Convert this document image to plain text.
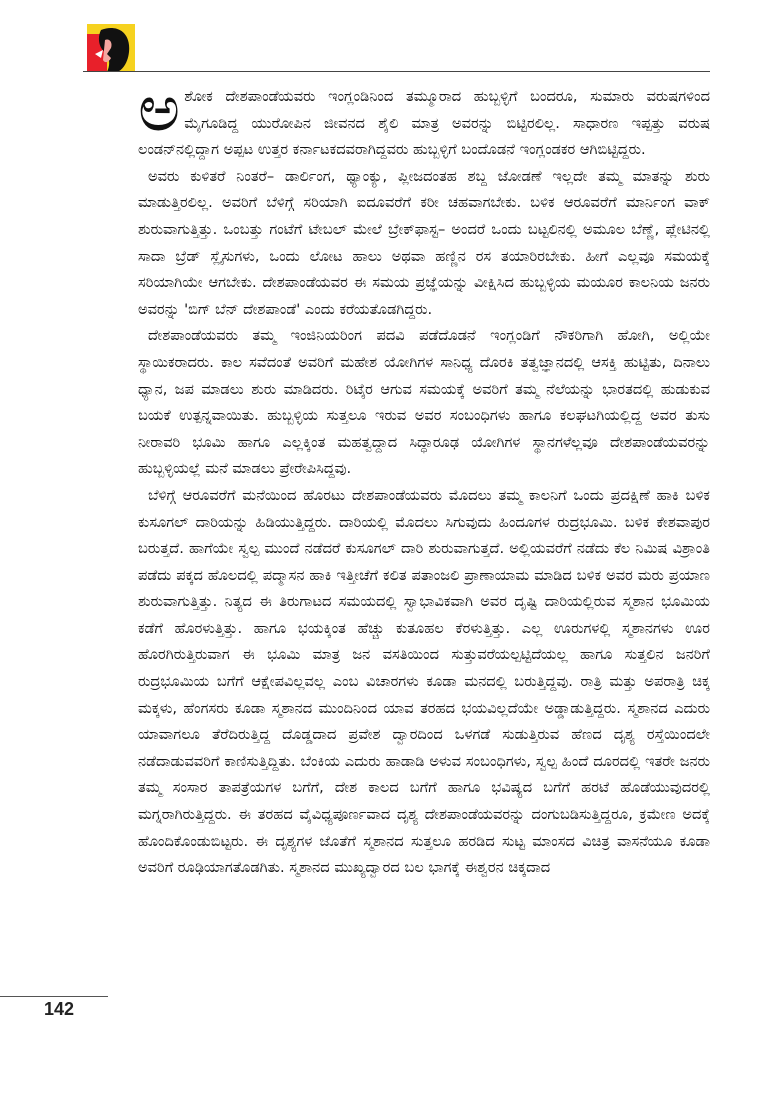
ಅಶೋಕ ದೇಶಪಾಂಡೆಯವರು ಇಂಗ್ಲಂಡಿನಿಂದ ತಮ್ಮೂರಾದ ಹುಬ್ಬಳ್ಳಿಗೆ ಬಂದರೂ, ಸುಮಾರು ವರುಷಗಳಿಂದ ಮೈಗೂಡಿದ್ದ ಯುರೋಪಿನ ಜೀವನದ ಶೈಲಿ ಮಾತ್ರ ಅವರನ್ನು ಬಿಟ್ಟಿರಲಿಲ್ಲ. ಸಾಧಾರಣ ಇಪ್ಪತ್ತು ವರುಷ ಲಂಡನ್‌ನಲ್ಲಿದ್ದಾಗ ಅಪ್ಪಟ ಉತ್ತರ ಕರ್ನಾಟಕದವರಾಗಿದ್ದವರು ಹುಬ್ಬಳ್ಳಿಗೆ ಬಂದೊಡನೆ ಇಂಗ್ಲಂಡಕರ ಆಗಿಬಿಟ್ಟಿದ್ದರು.

ಅವರು ಕುಳಿತರೆ ನಿಂತರೆ– ಡಾರ್ಲಿಂಗ, ಥ್ಯಾಂಕ್ಯು, ಪ್ಲೀಜದಂತಹ ಶಬ್ದ ಜೋಡಣೆ ಇಲ್ಲದೇ ತಮ್ಮ ಮಾತನ್ನು ಶುರು ಮಾಡುತ್ತಿರಲಿಲ್ಲ. ಅವರಿಗೆ ಬೆಳಿಗ್ಗೆ ಸರಿಯಾಗಿ ಐದೂವರೆಗೆ ಕರೀ ಚಹವಾಗಬೇಕು. ಬಳಿಕ ಆರೂವರೆಗೆ ಮಾರ್ನಿಂಗ ವಾಕ್ ಶುರುವಾಗುತ್ತಿತ್ತು. ಒಂಬತ್ತು ಗಂಟೆಗೆ ಟೇಬಲ್ ಮೇಲೆ ಬ್ರೇಕ್‌ಫಾಸ್ಟ– ಅಂದರೆ ಒಂದು ಬಟ್ಟಲಿನಲ್ಲಿ ಅಮೂಲ ಬೆಣ್ಣೆ, ಪ್ಲೇಟಿನಲ್ಲಿ ಸಾದಾ ಬ್ರೆಡ್ ಸ್ಲೈಸುಗಳು, ಒಂದು ಲೋಟ ಹಾಲು ಅಥವಾ ಹಣ್ಣಿನ ರಸ ತಯಾರಿರಬೇಕು. ಹೀಗೆ ಎಲ್ಲವೂ ಸಮಯಕ್ಕೆ ಸರಿಯಾಗಿಯೇ ಆಗಬೇಕು. ದೇಶಪಾಂಡೆಯವರ ಈ ಸಮಯ ಪ್ರಜ್ಞೆಯನ್ನು ವೀಕ್ಷಿಸಿದ ಹುಬ್ಬಳ್ಳಿಯ ಮಯೂರ ಕಾಲನಿಯ ಜನರು ಅವರನ್ನು 'ಬಿಗ್ ಬೆನ್ ದೇಶಪಾಂಡೆ' ಎಂದು ಕರೆಯತೊಡಗಿದ್ದರು.

ದೇಶಪಾಂಡೆಯವರು ತಮ್ಮ ಇಂಜಿನಿಯರಿಂಗ ಪದವಿ ಪಡೆದೊಡನೆ ಇಂಗ್ಲಂಡಿಗೆ ನೌಕರಿಗಾಗಿ ಹೋಗಿ, ಅಲ್ಲಿಯೇ ಸ್ಥಾಯಿಕರಾದರು. ಕಾಲ ಸವೆದಂತೆ ಅವರಿಗೆ ಮಹೇಶ ಯೋಗಿಗಳ ಸಾನಿಧ್ಯ ದೊರಕಿ ತತ್ವಜ್ಞಾನದಲ್ಲಿ ಆಸಕ್ತಿ ಹುಟ್ಟಿತು, ದಿನಾಲು ಧ್ಯಾನ, ಜಪ ಮಾಡಲು ಶುರು ಮಾಡಿದರು. ರಿಟೈರ ಆಗುವ ಸಮಯಕ್ಕೆ ಅವರಿಗೆ ತಮ್ಮ ನೆಲೆಯನ್ನು ಭಾರತದಲ್ಲಿ ಹುಡುಕುವ ಬಯಕೆ ಉತ್ಪನ್ನವಾಯಿತು. ಹುಬ್ಬಳ್ಳಿಯ ಸುತ್ತಲೂ ಇರುವ ಅವರ ಸಂಬಂಧಿಗಳು ಹಾಗೂ ಕಲಘಟಗಿಯಲ್ಲಿದ್ದ ಅವರ ತುಸು ನೀರಾವರಿ ಭೂಮಿ ಹಾಗೂ ಎಲ್ಲಕ್ಕಿಂತ ಮಹತ್ವದ್ದಾದ ಸಿದ್ಧಾರೂಢ ಯೋಗಿಗಳ ಸ್ಥಾನಗಳೆಲ್ಲವೂ ದೇಶಪಾಂಡೆಯವರನ್ನು ಹುಬ್ಬಳ್ಳಿಯಲ್ಲೆ ಮನೆ ಮಾಡಲು ಪ್ರೇರೇಪಿಸಿದ್ದವು.

ಬೆಳಿಗ್ಗೆ ಆರೂವರೆಗೆ ಮನೆಯಿಂದ ಹೊರಟು ದೇಶಪಾಂಡೆಯವರು ಮೊದಲು ತಮ್ಮ ಕಾಲನಿಗೆ ಒಂದು ಪ್ರದಕ್ಷಿಣೆ ಹಾಕಿ ಬಳಿಕ ಕುಸೂಗಲ್ ದಾರಿಯನ್ನು ಹಿಡಿಯುತ್ತಿದ್ದರು. ದಾರಿಯಲ್ಲಿ ಮೊದಲು ಸಿಗುವುದು ಹಿಂದೂಗಳ ರುದ್ರಭೂಮಿ. ಬಳಿಕ ಕೇಶವಾಪುರ ಬರುತ್ತದೆ. ಹಾಗೆಯೇ ಸ್ವಲ್ಪ ಮುಂದೆ ನಡೆದರೆ ಕುಸೂಗಲ್ ದಾರಿ ಶುರುವಾಗುತ್ತದೆ. ಅಲ್ಲಿಯವರೆಗೆ ನಡೆದು ಕೆಲ ನಿಮಿಷ ವಿಶ್ರಾಂತಿ ಪಡೆದು ಪಕ್ಕದ ಹೊಲದಲ್ಲಿ ಪದ್ಮಾಸನ ಹಾಕಿ ಇತ್ತೀಚೆಗೆ ಕಲಿತ ಪತಾಂಜಲಿ ಪ್ರಾಣಾಯಾಮ ಮಾಡಿದ ಬಳಿಕ ಅವರ ಮರು ಪ್ರಯಾಣ ಶುರುವಾಗುತ್ತಿತ್ತು. ನಿತ್ಯದ ಈ ತಿರುಗಾಟದ ಸಮಯದಲ್ಲಿ ಸ್ವಾಭಾವಿಕವಾಗಿ ಅವರ ದೃಷ್ಟಿ ದಾರಿಯಲ್ಲಿರುವ ಸ್ಮಶಾನ ಭೂಮಿಯ ಕಡೆಗೆ ಹೊರಳುತ್ತಿತ್ತು. ಹಾಗೂ ಭಯಕ್ಕಿಂತ ಹೆಚ್ಚು ಕುತೂಹಲ ಕೆರಳುತ್ತಿತ್ತು. ಎಲ್ಲ ಊರುಗಳಲ್ಲಿ ಸ್ಮಶಾನಗಳು ಊರ ಹೊರಗಿರುತ್ತಿರುವಾಗ ಈ ಭೂಮಿ ಮಾತ್ರ ಜನ ವಸತಿಯಿಂದ ಸುತ್ತುವರೆಯಲ್ಪಟ್ಟಿದೆಯಲ್ಲ ಹಾಗೂ ಸುತ್ತಲಿನ ಜನರಿಗೆ ರುದ್ರಭೂಮಿಯ ಬಗೆಗೆ ಆಕ್ಷೇಪವಿಲ್ಲವಲ್ಲ ಎಂಬ ವಿಚಾರಗಳು ಕೂಡಾ ಮನದಲ್ಲಿ ಬರುತ್ತಿದ್ದವು. ರಾತ್ರಿ ಮತ್ತು ಅಪರಾತ್ರಿ ಚಿಕ್ಕ ಮಕ್ಕಳು, ಹೆಂಗಸರು ಕೂಡಾ ಸ್ಮಶಾನದ ಮುಂದಿನಿಂದ ಯಾವ ತರಹದ ಭಯವಿಲ್ಲದೆಯೇ ಅಡ್ಡಾಡುತ್ತಿದ್ದರು. ಸ್ಮಶಾನದ ಎದುರು ಯಾವಾಗಲೂ ತೆರೆದಿರುತ್ತಿದ್ದ ದೊಡ್ಡದಾದ ಪ್ರವೇಶ ದ್ವಾರದಿಂದ ಒಳಗಡೆ ಸುಡುತ್ತಿರುವ ಹೆಣದ ದೃಶ್ಯ ರಸ್ತೆಯಿಂದಲೇ ನಡೆದಾಡುವವರಿಗೆ ಕಾಣಿಸುತ್ತಿದ್ದಿತು. ಬೆಂಕಿಯ ಎದುರು ಹಾಡಾಡಿ ಅಳುವ ಸಂಬಂಧಿಗಳು, ಸ್ವಲ್ಪ ಹಿಂದೆ ದೂರದಲ್ಲಿ ಇತರೇ ಜನರು ತಮ್ಮ ಸಂಸಾರ ತಾಪತ್ರೆಯಗಳ ಬಗೆಗೆ, ದೇಶ ಕಾಲದ ಬಗೆಗೆ ಹಾಗೂ ಭವಿಷ್ಯದ ಬಗೆಗೆ ಹರಟೆ ಹೊಡೆಯುವುದರಲ್ಲಿ ಮಗ್ನರಾಗಿರುತ್ತಿದ್ದರು. ಈ ತರಹದ ವೈವಿಧ್ಯಪೂರ್ಣವಾದ ದೃಶ್ಯ ದೇಶಪಾಂಡೆಯವರನ್ನು ದಂಗುಬಡಿಸುತ್ತಿದ್ದರೂ, ಕ್ರಮೇಣ ಅದಕ್ಕೆ ಹೊಂದಿಕೊಂಡುಬಿಟ್ಟರು. ಈ ದೃಶ್ಯಗಳ ಜೊತೆಗೆ ಸ್ಮಶಾನದ ಸುತ್ತಲೂ ಹರಡಿದ ಸುಟ್ಟ ಮಾಂಸದ ವಿಚಿತ್ರ ವಾಸನೆಯೂ ಕೂಡಾ ಅವರಿಗೆ ರೂಢಿಯಾಗತೊಡಗಿತು. ಸ್ಮಶಾನದ ಮುಖ್ಯದ್ವಾರದ ಬಲ ಭಾಗಕ್ಕೆ ಈಶ್ವರನ ಚಿಕ್ಕದಾದ

142
